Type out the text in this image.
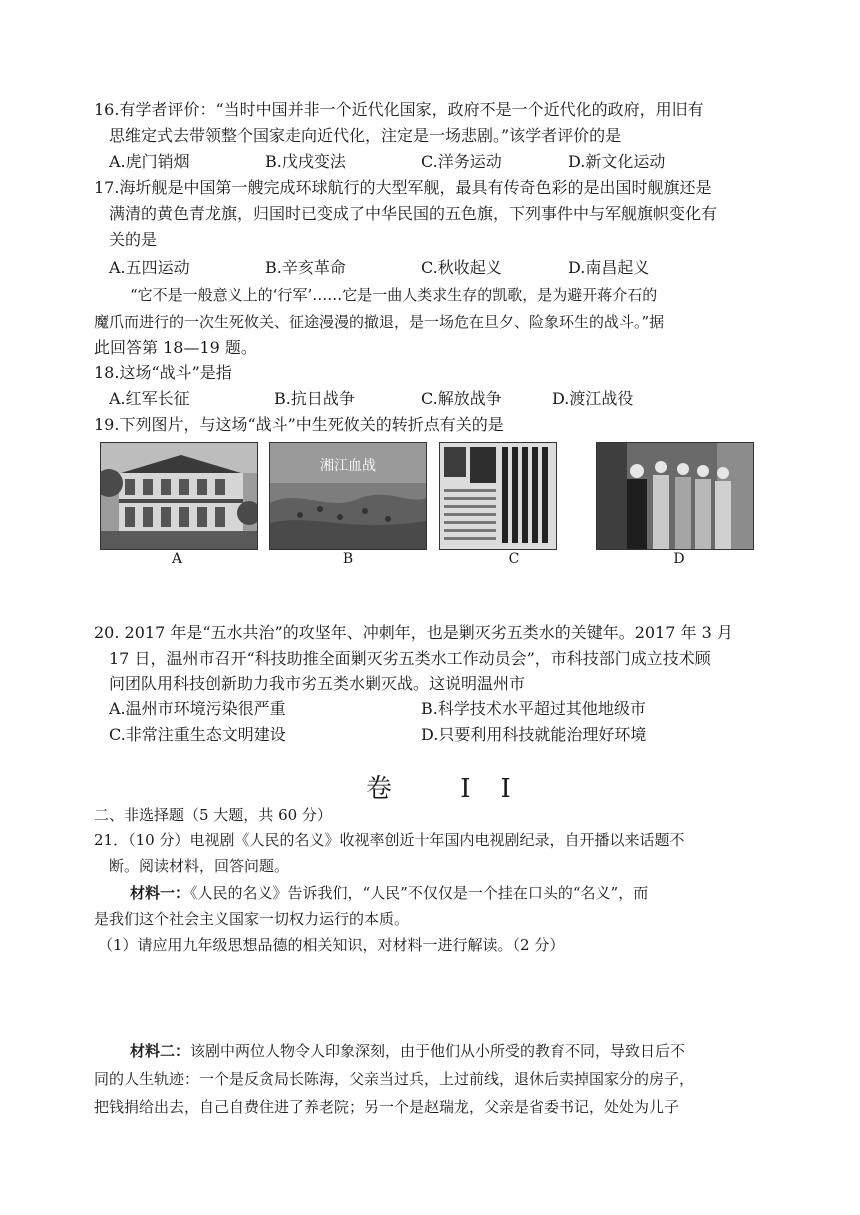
16.有学者评价：“当时中国并非一个近代化国家，政府不是一个近代化的政府，用旧有
思维定式去带领整个国家走向近代化，注定是一场悲剧。”该学者评价的是
A.虎门销烟	B.戊戌变法	C.洋务运动	D.新文化运动
17.海圻舰是中国第一艘完成环球航行的大型军舰，最具有传奇色彩的是出国时舰旗还是
满清的黄色青龙旗，归国时已变成了中华民国的五色旗，下列事件中与军舰旗帜变化有
关的是
A.五四运动	B.辛亥革命	C.秋收起义	D.南昌起义
“它不是一般意义上的‘行军’……它是一曲人类求生存的凯歌，是为避开蒋介石的
魔爪而进行的一次生死攸关、征途漫漫的撤退，是一场危在旦夕、险象环生的战斗。”据
此回答第 18—19 题。
18.这场“战斗”是指
A.红军长征	B.抗日战争	C.解放战争	D.渡江战役
19.下列图片，与这场“战斗”中生死攸关的转折点有关的是
湘江血战
A	B	C	D
20. 2017 年是“五水共治”的攻坚年、冲刺年，也是剿灭劣五类水的关键年。2017 年 3 月
17 日，温州市召开“科技助推全面剿灭劣五类水工作动员会”，市科技部门成立技术顾
问团队用科技创新助力我市劣五类水剿灭战。这说明温州市
A.温州市环境污染很严重	B.科学技术水平超过其他地级市
C.非常注重生态文明建设	D.只要利用科技就能治理好环境
卷 II
二、非选择题（5 大题，共 60 分）
21．（10 分）电视剧《人民的名义》收视率创近十年国内电视剧纪录，自开播以来话题不
断。阅读材料，回答问题。
材料一：《人民的名义》告诉我们，“人民”不仅仅是一个挂在口头的“名义”，而
是我们这个社会主义国家一切权力运行的本质。
（1）请应用九年级思想品德的相关知识，对材料一进行解读。（2 分）
材料二：该剧中两位人物令人印象深刻，由于他们从小所受的教育不同，导致日后不
同的人生轨迹：一个是反贪局长陈海，父亲当过兵，上过前线，退休后卖掉国家分的房子，
把钱捐给出去，自己自费住进了养老院；另一个是赵瑞龙，父亲是省委书记，处处为儿子
